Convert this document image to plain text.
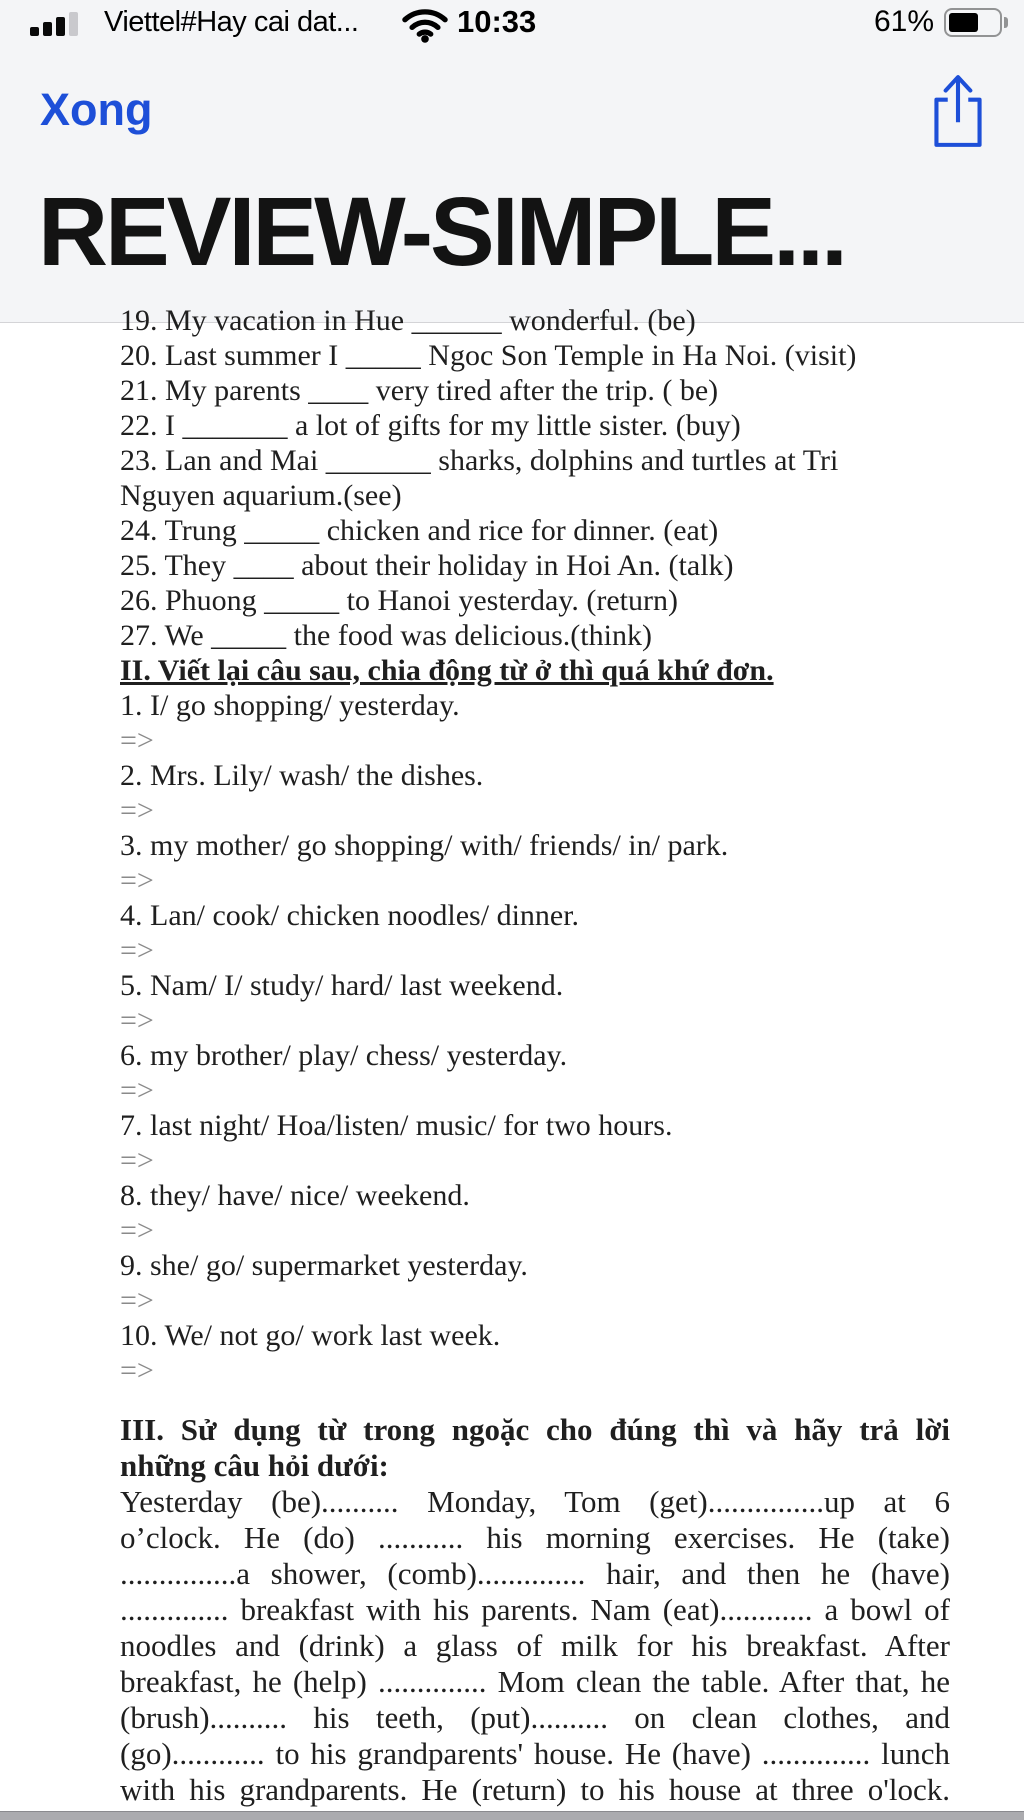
Viettel#Hay cai dat...	10:33	61%
Xong
REVIEW-SIMPLE...
19. My vacation in Hue ______ wonderful. (be)
20. Last summer I _____ Ngoc Son Temple in Ha Noi. (visit)
21. My parents ____ very tired after the trip. ( be)
22. I _______ a lot of gifts for my little sister. (buy)
23. Lan and Mai _______ sharks, dolphins and turtles at Tri
Nguyen aquarium.(see)
24. Trung _____ chicken and rice for dinner. (eat)
25. They ____ about their holiday in Hoi An. (talk)
26. Phuong _____ to Hanoi yesterday. (return)
27. We _____ the food was delicious.(think)
II. Viết lại câu sau, chia động từ ở thì quá khứ đơn.
1. I/ go shopping/ yesterday.
=>
2. Mrs. Lily/ wash/ the dishes.
=>
3. my mother/ go shopping/ with/ friends/ in/ park.
=>
4. Lan/ cook/ chicken noodles/ dinner.
=>
5. Nam/ I/ study/ hard/ last weekend.
=>
6. my brother/ play/ chess/ yesterday.
=>
7. last night/ Hoa/listen/ music/ for two hours.
=>
8. they/ have/ nice/ weekend.
=>
9. she/ go/ supermarket yesterday.
=>
10. We/ not go/ work last week.
=>
III. Sử dụng từ trong ngoặc cho đúng thì và hãy trả lời
những câu hỏi dưới:
Yesterday (be).......... Monday, Tom (get)...............up at 6
o’clock. He (do) ........... his morning exercises. He (take)
...............a shower, (comb).............. hair, and then he (have)
.............. breakfast with his parents. Nam (eat)............ a bowl of
noodles and (drink) a glass of milk for his breakfast. After
breakfast, he (help) .............. Mom clean the table. After that, he
(brush).......... his teeth, (put).......... on clean clothes, and
(go)............ to his grandparents' house. He (have) .............. lunch
with his grandparents. He (return) to his house at three o'lock.
